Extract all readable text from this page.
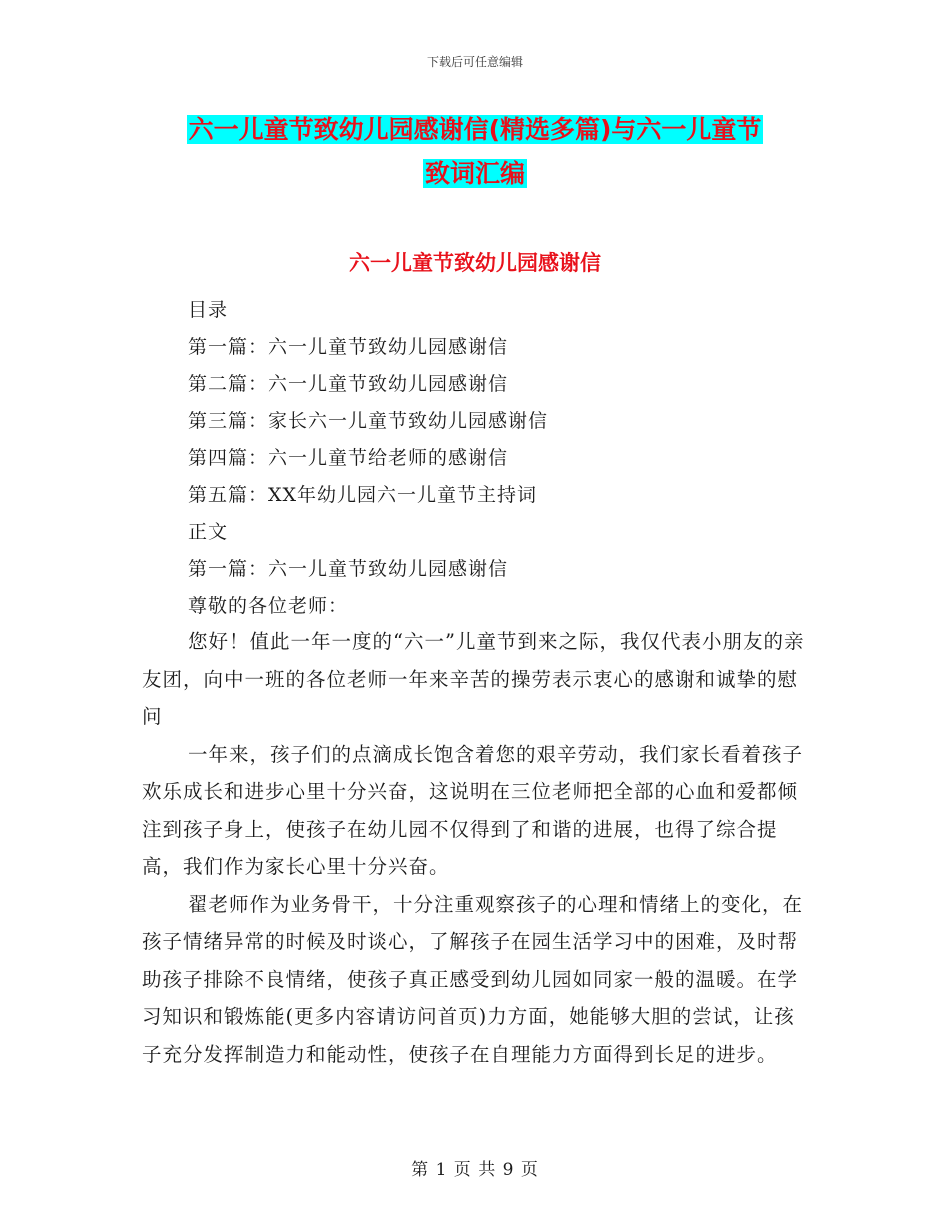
下载后可任意编辑
六一儿童节致幼儿园感谢信(精选多篇)与六一儿童节
致词汇编
六一儿童节致幼儿园感谢信
目录
第一篇：六一儿童节致幼儿园感谢信
第二篇：六一儿童节致幼儿园感谢信
第三篇：家长六一儿童节致幼儿园感谢信
第四篇：六一儿童节给老师的感谢信
第五篇：XX年幼儿园六一儿童节主持词
正文
第一篇：六一儿童节致幼儿园感谢信
尊敬的各位老师：

您好！值此一年一度的“六一”儿童节到来之际，我仅代表小朋友的亲友团，向中一班的各位老师一年来辛苦的操劳表示衷心的感谢和诚挚的慰问

一年来，孩子们的点滴成长饱含着您的艰辛劳动，我们家长看着孩子欢乐成长和进步心里十分兴奋，这说明在三位老师把全部的心血和爱都倾注到孩子身上，使孩子在幼儿园不仅得到了和谐的进展，也得了综合提高，我们作为家长心里十分兴奋。

翟老师作为业务骨干，十分注重观察孩子的心理和情绪上的变化，在孩子情绪异常的时候及时谈心，了解孩子在园生活学习中的困难，及时帮助孩子排除不良情绪，使孩子真正感受到幼儿园如同家一般的温暖。在学习知识和锻炼能(更多内容请访问首页)力方面，她能够大胆的尝试，让孩子充分发挥制造力和能动性，使孩子在自理能力方面得到长足的进步。

第 1 页 共 9 页
